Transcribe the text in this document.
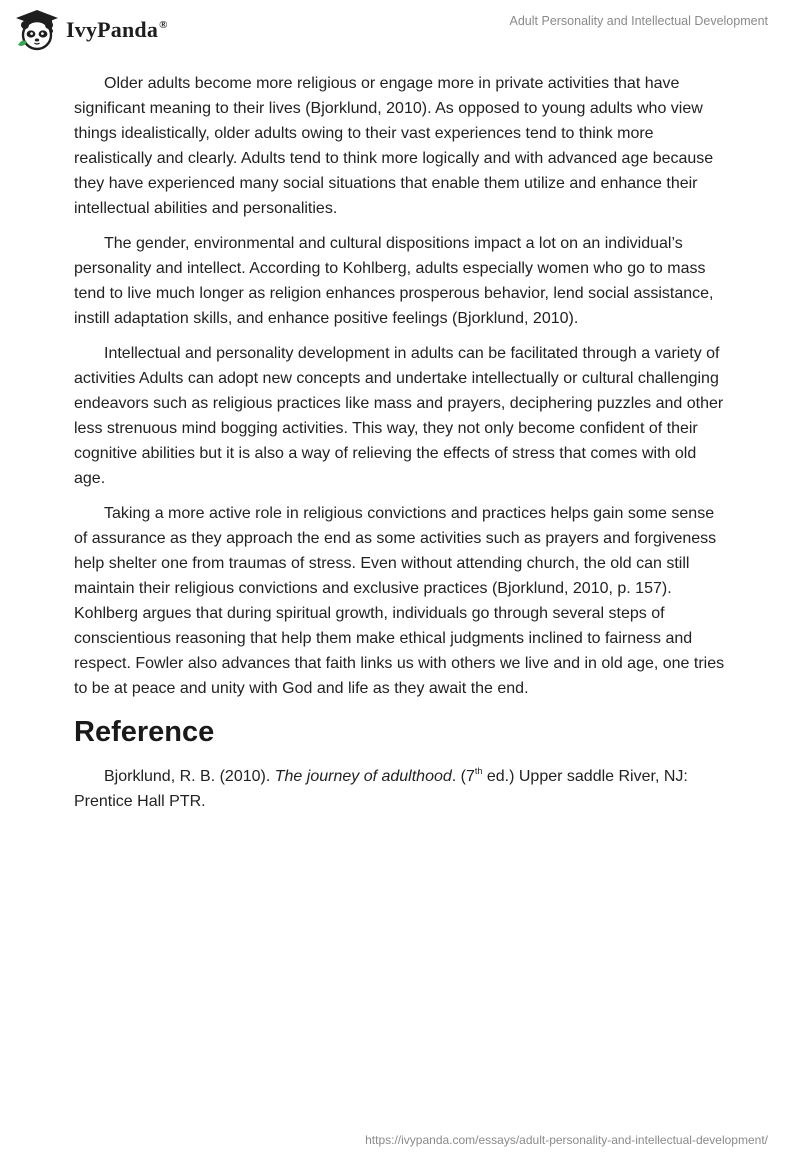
IvyPanda®	Adult Personality and Intellectual Development

Older adults become more religious or engage more in private activities that have significant meaning to their lives (Bjorklund, 2010). As opposed to young adults who view things idealistically, older adults owing to their vast experiences tend to think more realistically and clearly. Adults tend to think more logically and with advanced age because they have experienced many social situations that enable them utilize and enhance their intellectual abilities and personalities.

The gender, environmental and cultural dispositions impact a lot on an individual’s personality and intellect. According to Kohlberg, adults especially women who go to mass tend to live much longer as religion enhances prosperous behavior, lend social assistance, instill adaptation skills, and enhance positive feelings (Bjorklund, 2010).

Intellectual and personality development in adults can be facilitated through a variety of activities Adults can adopt new concepts and undertake intellectually or cultural challenging endeavors such as religious practices like mass and prayers, deciphering puzzles and other less strenuous mind bogging activities. This way, they not only become confident of their cognitive abilities but it is also a way of relieving the effects of stress that comes with old age.

Taking a more active role in religious convictions and practices helps gain some sense of assurance as they approach the end as some activities such as prayers and forgiveness help shelter one from traumas of stress. Even without attending church, the old can still maintain their religious convictions and exclusive practices (Bjorklund, 2010, p. 157). Kohlberg argues that during spiritual growth, individuals go through several steps of conscientious reasoning that help them make ethical judgments inclined to fairness and respect. Fowler also advances that faith links us with others we live and in old age, one tries to be at peace and unity with God and life as they await the end.

Reference

Bjorklund, R. B. (2010). The journey of adulthood. (7th ed.) Upper saddle River, NJ: Prentice Hall PTR.

https://ivypanda.com/essays/adult-personality-and-intellectual-development/
